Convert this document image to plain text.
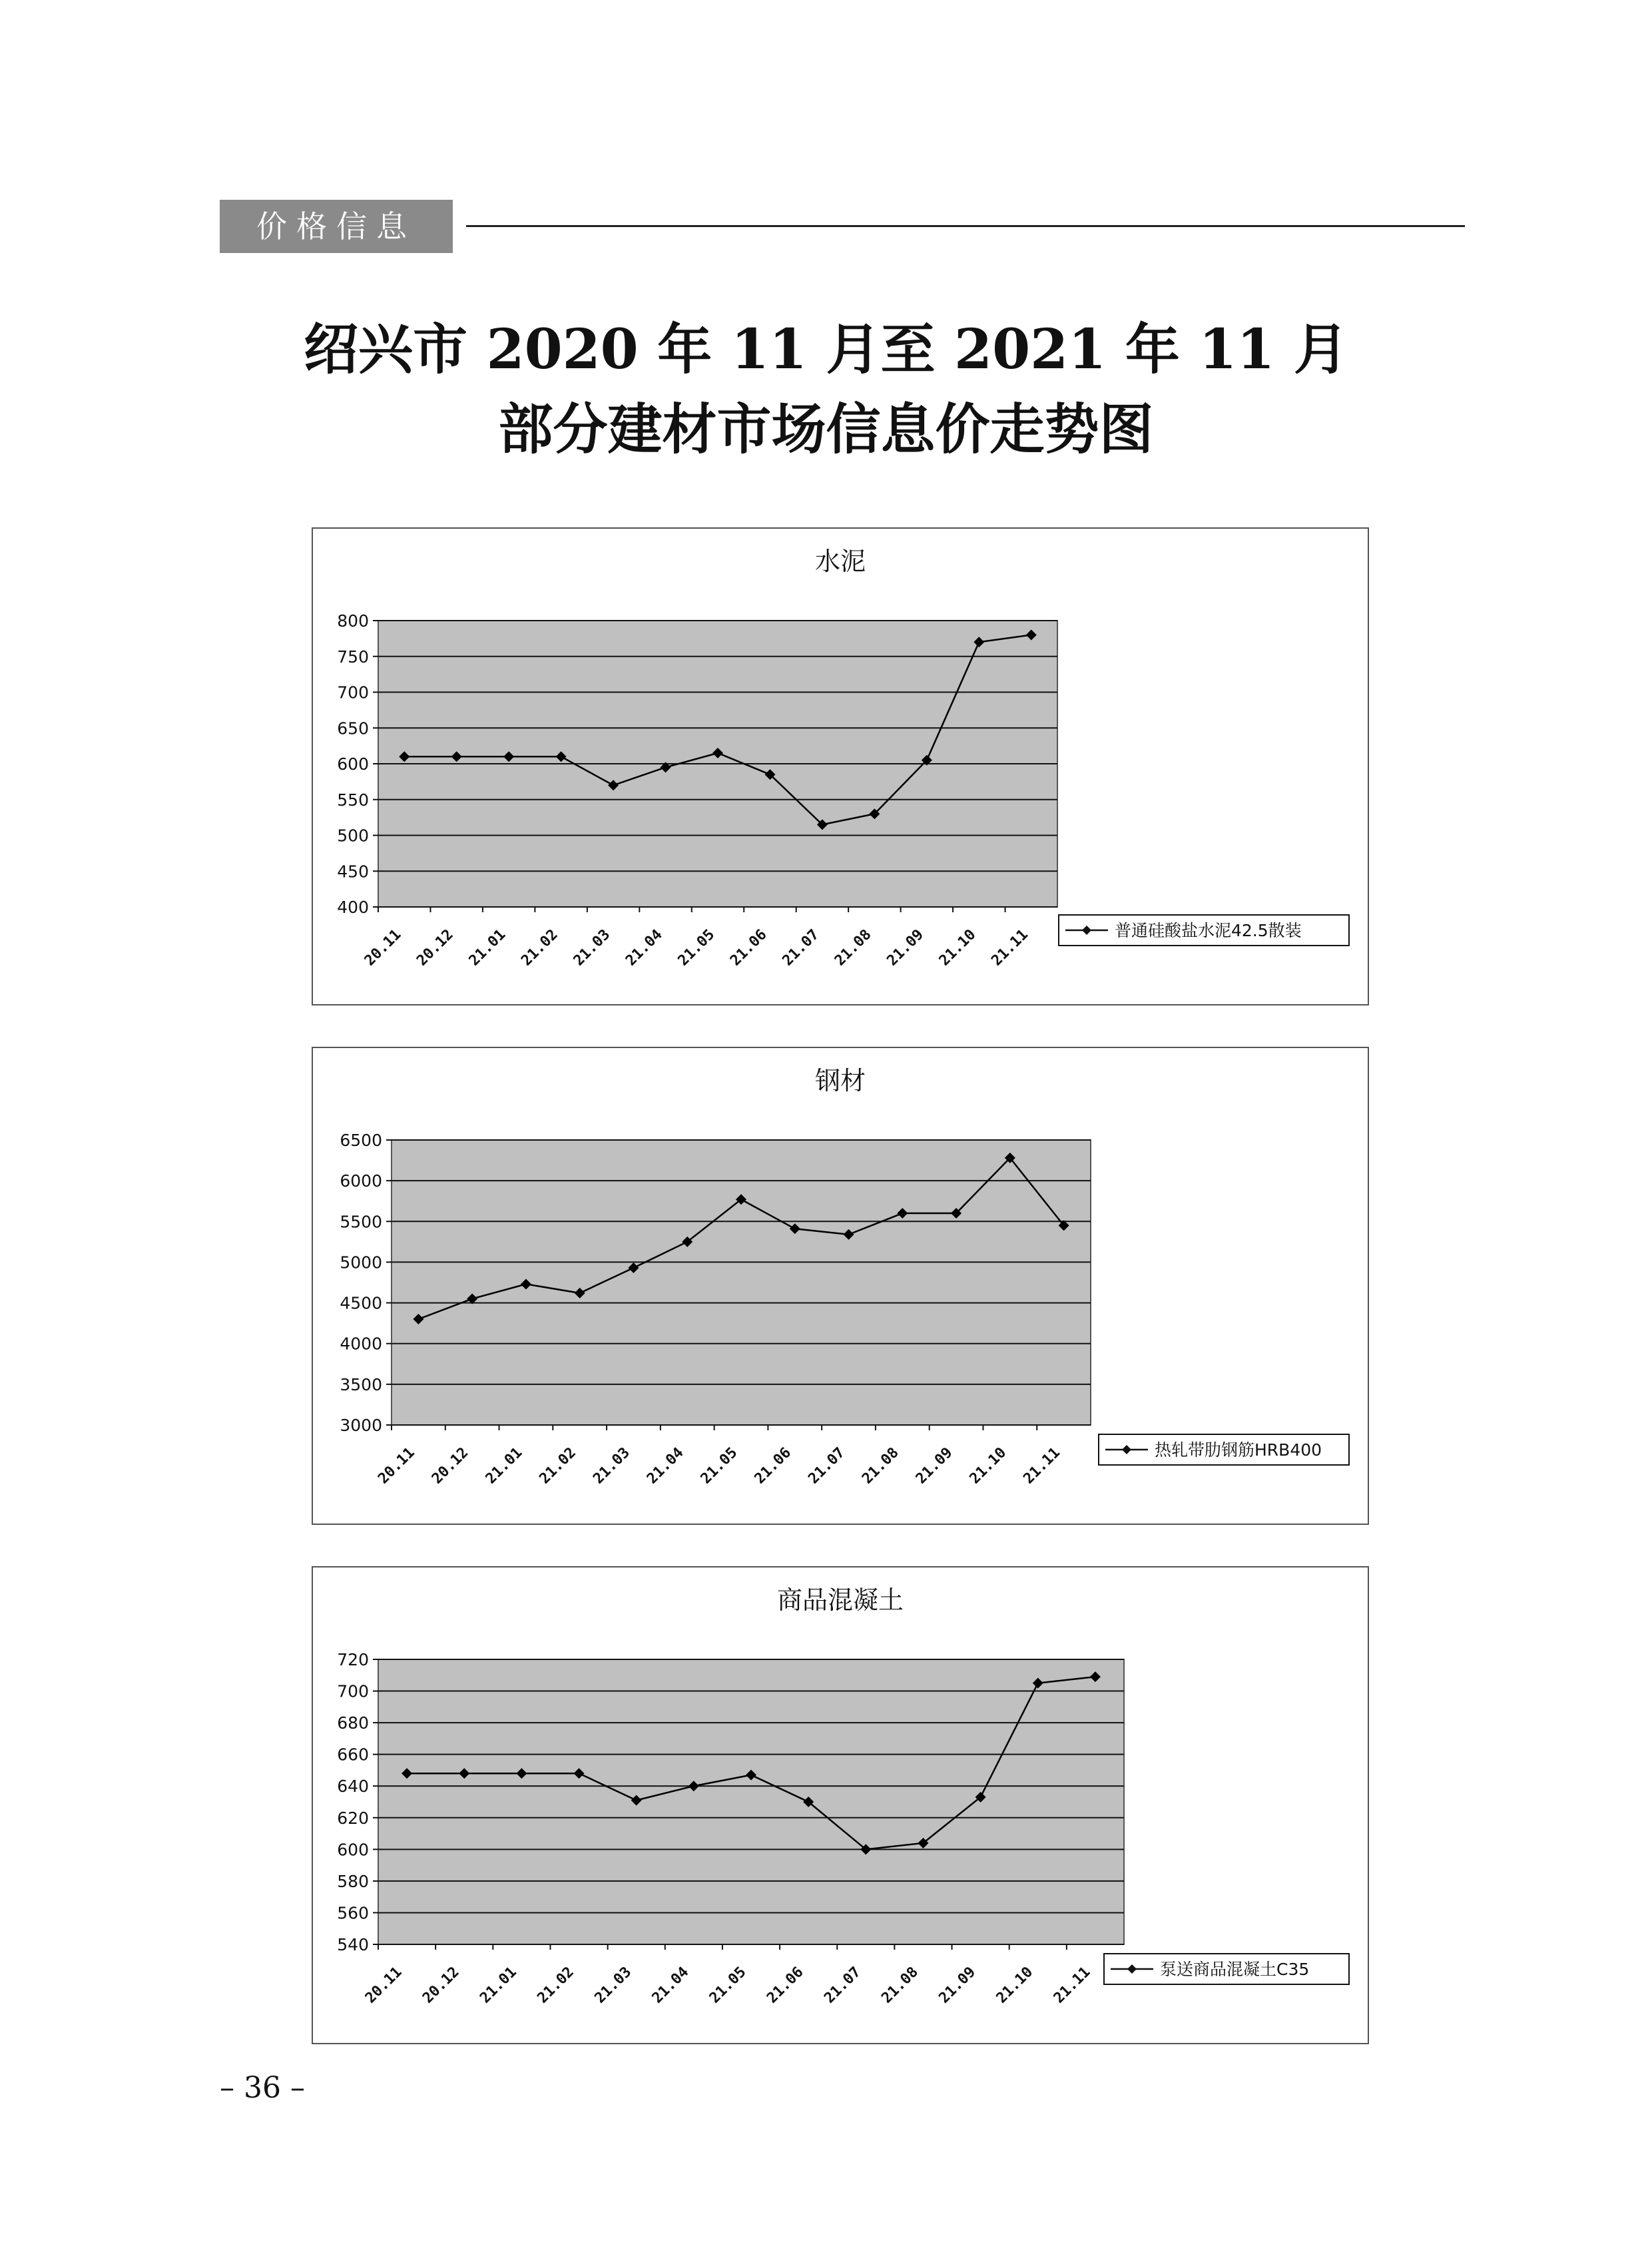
价格信息
绍兴市 2020 年 11 月至 2021 年 11 月
部分建材市场信息价走势图
水泥
400
450
500
550
600
650
700
750
800
20.11 20.12 21.01 21.02 21.03 21.04 21.05 21.06 21.07 21.08 21.09 21.10 21.11	普通硅酸盐水泥42.5散装
钢材
3000
3500
4000
4500
5000
5500
6000
6500
20.11 20.12 21.01 21.02 21.03 21.04 21.05 21.06 21.07 21.08 21.09 21.10 21.11	热轧带肋钢筋HRB400
商品混凝土
540
560
580
600
620
640
660
680
700
720
20.11 20.12 21.01 21.02 21.03 21.04 21.05 21.06 21.07 21.08 21.09 21.10 21.11	泵送商品混凝土C35
– 36 –
